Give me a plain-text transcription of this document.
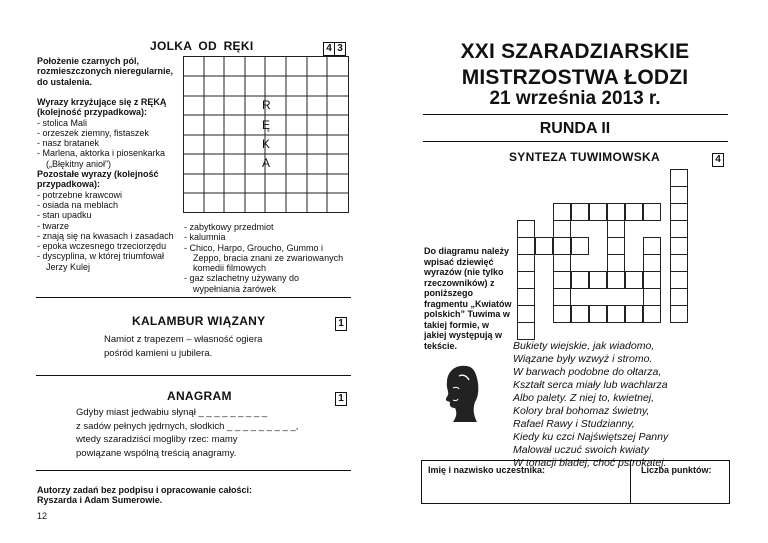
JOLKA OD RĘKI	4 3
Położenie czarnych pól, rozmieszczonych nieregularnie, do ustalenia.
Wyrazy krzyżujące się z RĘKĄ (kolejność przypadkowa):
- stolica Mali
- orzeszek ziemny, fistaszek
- nasz bratanek
- Marlena, aktorka i piosenkarka („Błękitny anioł”)
Pozostałe wyrazy (kolejność przypadkowa):
- potrzebne krawcowi
- osiada na meblach
- stan upadku
- twarze
- znają się na kwasach i zasadach
- epoka wczesnego trzeciorzędu
- dyscyplina, w której triumfował Jerzy Kulej
- zabytkowy przedmiot
- kalumnia
- Chico, Harpo, Groucho, Gummo i Zeppo, bracia znani ze zwariowanych komedii filmowych
- gaz szlachetny używany do wypełniania żarówek
R
Ę
K
A
KALAMBUR WIĄZANY	1
Namiot z trapezem – własność ogiera
pośród kamieni u jubilera.
ANAGRAM	1
Gdyby miast jedwabiu słynął _ _ _ _ _ _ _ _ _
z sadów pełnych jędrnych, słodkich _ _ _ _ _ _ _ _ _,
wtedy szaradziści mogliby rzec: mamy
powiązane wspólną treścią anagramy.
Autorzy zadań bez podpisu i opracowanie całości:
Ryszarda i Adam Sumerowie.
12
XXI SZARADZIARSKIE
MISTRZOSTWA ŁODZI
21 września 2013 r.
RUNDA II
SYNTEZA TUWIMOWSKA	4
Do diagramu należy wpisać dziewięć wyrazów (nie tylko rzeczowników) z poniższego fragmentu „Kwiatów polskich” Tuwima w takiej formie, w jakiej występują w tekście.	Bukiety wiejskie, jak wiadomo,
Wiązane były wzwyż i stromo.
W barwach podobne do ołtarza,
Kształt serca miały lub wachlarza
Albo palety. Z niej to, kwietnej,
Kolory brał bohomaz świetny,
Rafael Rawy i Studzianny,
Kiedy ku czci Najświętszej Panny
Malował uczuć swoich kwiaty
W tonacji bladej, choć pstrokatej.
Imię i nazwisko uczestnika:	Liczba punktów:
